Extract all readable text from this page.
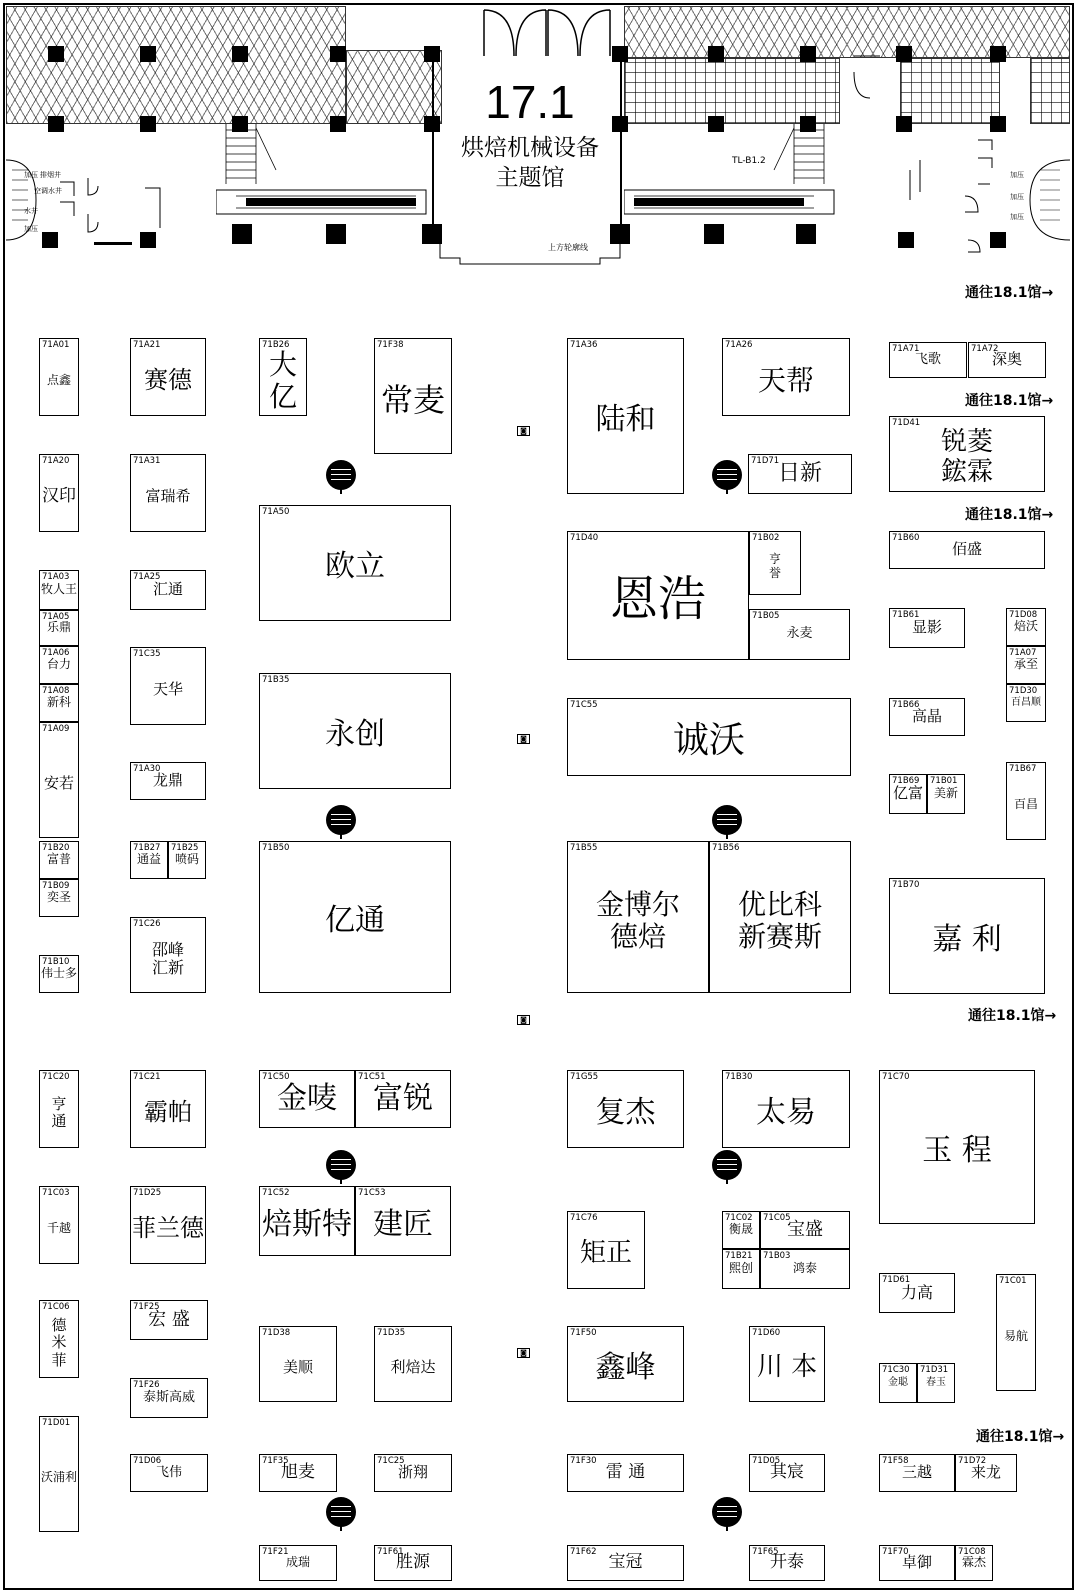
17.1
烘焙机械设备
主题馆
TL-B1.2
上方轮廓线
加压 排烟井
空调水井
水井
加压
加压
加压
加压
通往18.1馆→
通往18.1馆→
通往18.1馆→
通往18.1馆→
通往18.1馆→
71A01
点鑫
71A21
赛德
71B26
大亿
71F38
常麦
71A36
陆和
71A26
天帮
71A71
飞歌
71A72
深奥
71D41
锐菱
鋐霖
71D71
日新
71A20
汉印
71A31
富瑞希
71A50
欧立
71D40
恩浩
71B02
亨
誉
71B05
永麦
71B60
佰盛
71A03
牧人王
71A25
汇通
71A05
乐鼎
71B61
显影
71D08
焙沃
71A06
台力
71C35
天华
71A07
承至
71A08
新科
71D30
百昌顺
71B35
永创
71C55
诚沃
71B66
高晶
71A09
安若
71A30
龙鼎	71B69
亿富
71B01
美新
71B67
百昌
71B20
富普
71B27
通益
71B25
喷码
71B50
亿通
71B55
金博尔
德焙
71B56
优比科
新赛斯
71B70
嘉 利
71B09
奕圣
71C26
邵峰
汇新
71B10
伟士多
71C20
亨
通
71C21
霸帕
71C50
金唛
71C51
富锐
71G55
复杰
71B30
太易
71C70
玉 程
71C03
千越
71D25
菲兰德
71C52
焙斯特
71C53
建匠	71C76
矩正
71C02
衡晟
71C05
宝盛
71B21
熙创
71B03
鸿泰
71D61
力高
71C01
易航
71C06
德
米
菲
71F25
宏 盛
71D38
美顺
71D35
利焙达
71F50
鑫峰
71D60
川 本	71C30
金聪
71D31
春玉
71F26
泰斯高威
71D01
沃浦利
71D06
飞伟
71F35
旭麦
71C25
浙翔
71F30
雷 通
71D05
其宸
71F58
三越
71D72
来龙
71F21
成瑞
71F61
胜源
71F62
宝冠
71F65
开泰
71F70
卓御
71C08
霖杰
◙
◙
◙
◙
